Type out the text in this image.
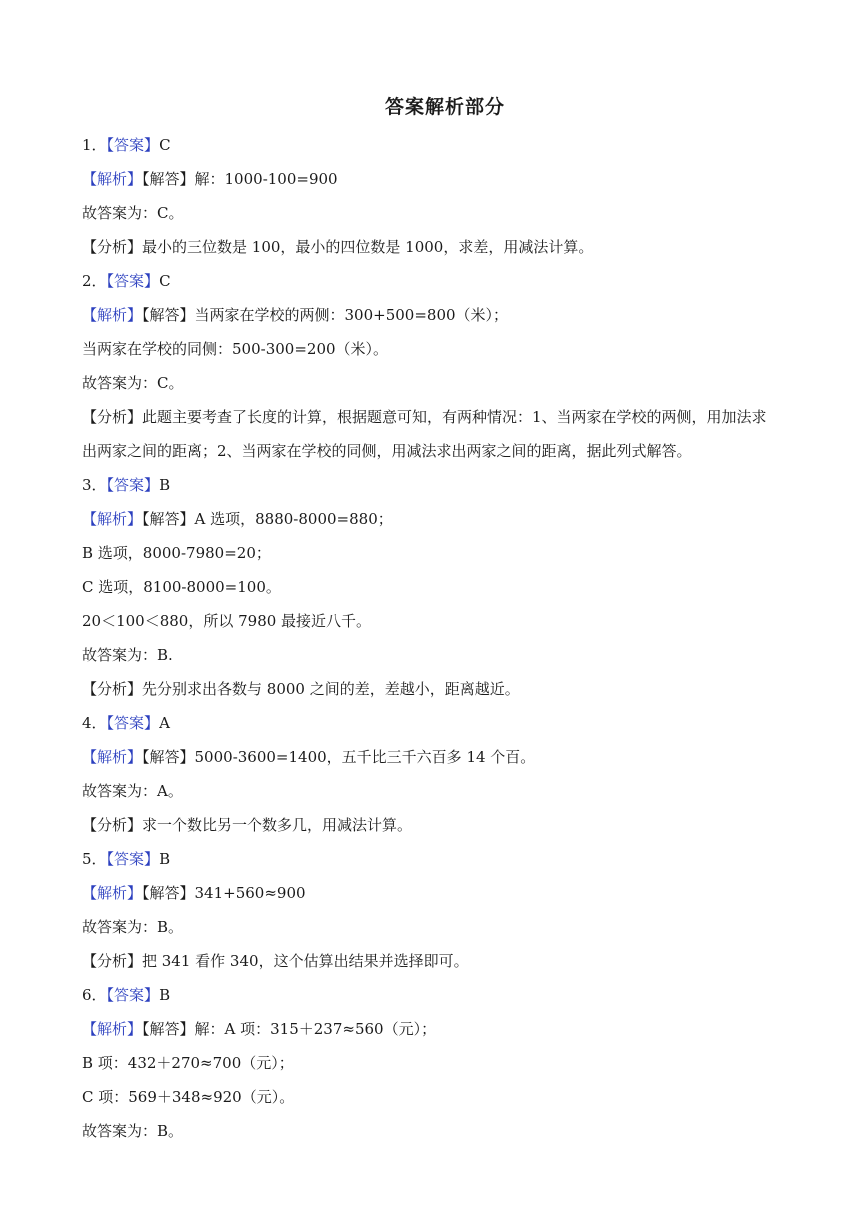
答案解析部分
1．【答案】C
【解析】【解答】解：1000-100=900
故答案为：C。
【分析】最小的三位数是 100，最小的四位数是 1000，求差，用减法计算。
2．【答案】C
【解析】【解答】当两家在学校的两侧：300+500=800（米）；
当两家在学校的同侧：500-300=200（米）。
故答案为：C。
【分析】此题主要考查了长度的计算，根据题意可知，有两种情况：1、当两家在学校的两侧，用加法求
出两家之间的距离；2、当两家在学校的同侧，用减法求出两家之间的距离，据此列式解答。
3．【答案】B
【解析】【解答】A 选项，8880-8000=880；
B 选项，8000-7980=20；
C 选项，8100-8000=100。
20＜100＜880，所以 7980 最接近八千。
故答案为：B.
【分析】先分别求出各数与 8000 之间的差，差越小，距离越近。
4．【答案】A
【解析】【解答】5000-3600=1400，五千比三千六百多 14 个百。
故答案为：A。
【分析】求一个数比另一个数多几，用减法计算。
5．【答案】B
【解析】【解答】341+560≈900
故答案为：B。
【分析】把 341 看作 340，这个估算出结果并选择即可。
6．【答案】B
【解析】【解答】解：A 项：315＋237≈560（元）；
B 项：432＋270≈700（元）；
C 项：569＋348≈920（元）。
故答案为：B。
